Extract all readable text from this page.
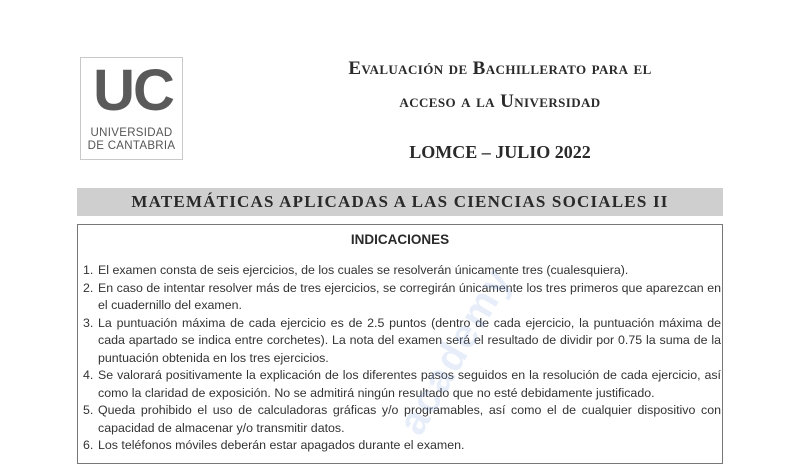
UC
UNIVERSIDAD
DE CANTABRIA
Evaluación de Bachillerato para el
acceso a la Universidad
LOMCE – JULIO 2022
MATEMÁTICAS APLICADAS A LAS CIENCIAS SOCIALES II
INDICACIONES
1. El examen consta de seis ejercicios, de los cuales se resolverán únicamente tres (cualesquiera).
2. En caso de intentar resolver más de tres ejercicios, se corregirán únicamente los tres primeros que aparezcan en el cuadernillo del examen.
3. La puntuación máxima de cada ejercicio es de 2.5 puntos (dentro de cada ejercicio, la puntuación máxima de cada apartado se indica entre corchetes). La nota del examen será el resultado de dividir por 0.75 la suma de la puntuación obtenida en los tres ejercicios.
4. Se valorará positivamente la explicación de los diferentes pasos seguidos en la resolución de cada ejercicio, así como la claridad de exposición. No se admitirá ningún resultado que no esté debidamente justificado.
5. Queda prohibido el uso de calculadoras gráficas y/o programables, así como el de cualquier dispositivo con capacidad de almacenar y/o transmitir datos.
6. Los teléfonos móviles deberán estar apagados durante el examen.
academy
